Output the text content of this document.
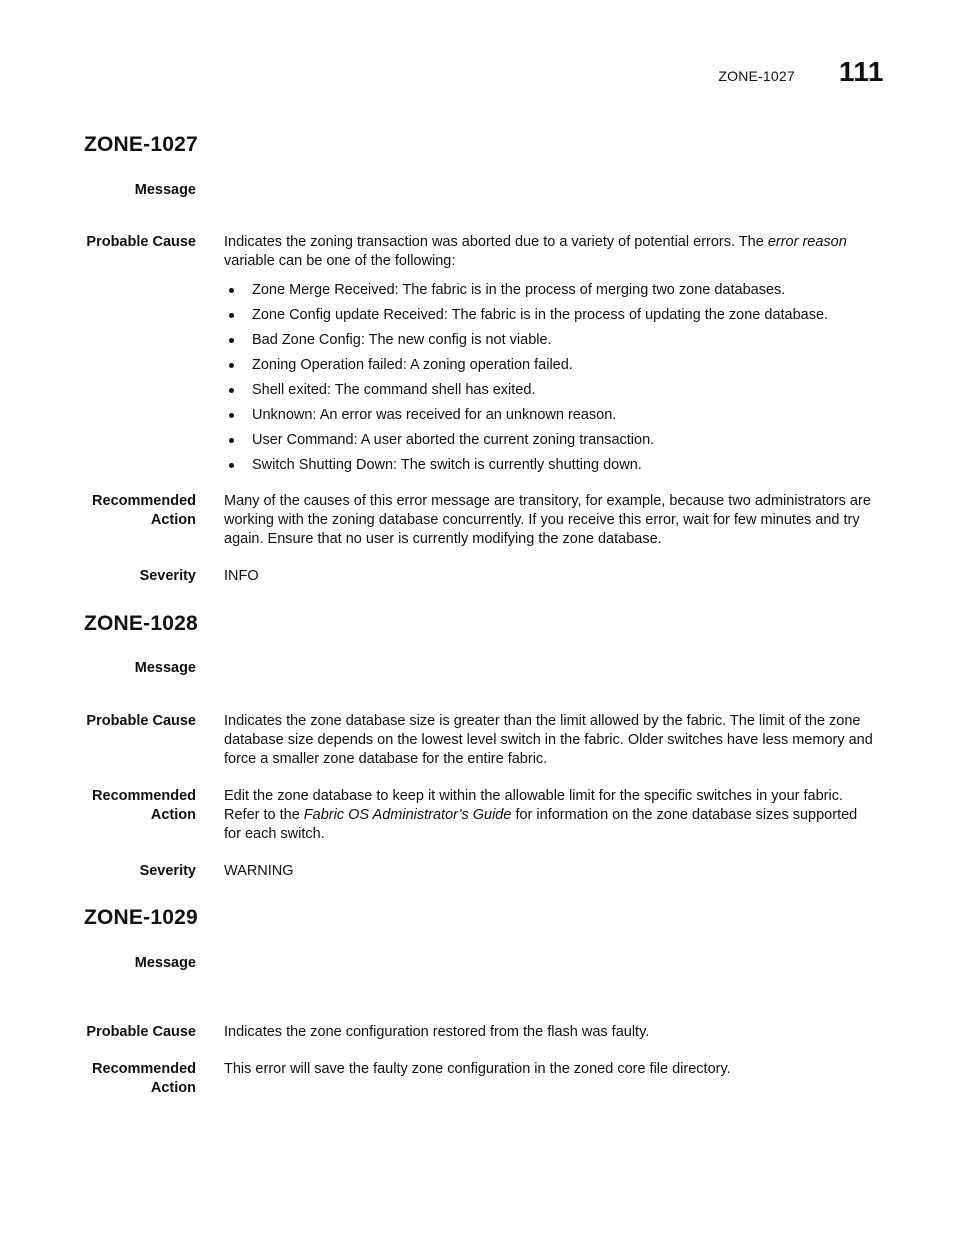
ZONE-1027 111
ZONE-1027
Message
Probable Cause Indicates the zoning transaction was aborted due to a variety of potential errors. The error reason variable can be one of the following:

Zone Merge Received: The fabric is in the process of merging two zone databases.
Zone Config update Received: The fabric is in the process of updating the zone database.
Bad Zone Config: The new config is not viable.
Zoning Operation failed: A zoning operation failed.
Shell exited: The command shell has exited.
Unknown: An error was received for an unknown reason.
User Command: A user aborted the current zoning transaction.
Switch Shutting Down: The switch is currently shutting down.
Recommended
Action
Many of the causes of this error message are transitory, for example, because two administrators are working with the zoning database concurrently. If you receive this error, wait for few minutes and try again. Ensure that no user is currently modifying the zone database.
Severity INFO
ZONE-1028
Message
Probable Cause Indicates the zone database size is greater than the limit allowed by the fabric. The limit of the zone database size depends on the lowest level switch in the fabric. Older switches have less memory and force a smaller zone database for the entire fabric.
Recommended
Action
Edit the zone database to keep it within the allowable limit for the specific switches in your fabric. Refer to the Fabric OS Administrator’s Guide for information on the zone database sizes supported for each switch.
Severity WARNING
ZONE-1029
Message
Probable Cause Indicates the zone configuration restored from the flash was faulty.
Recommended
Action
This error will save the faulty zone configuration in the zoned core file directory.
